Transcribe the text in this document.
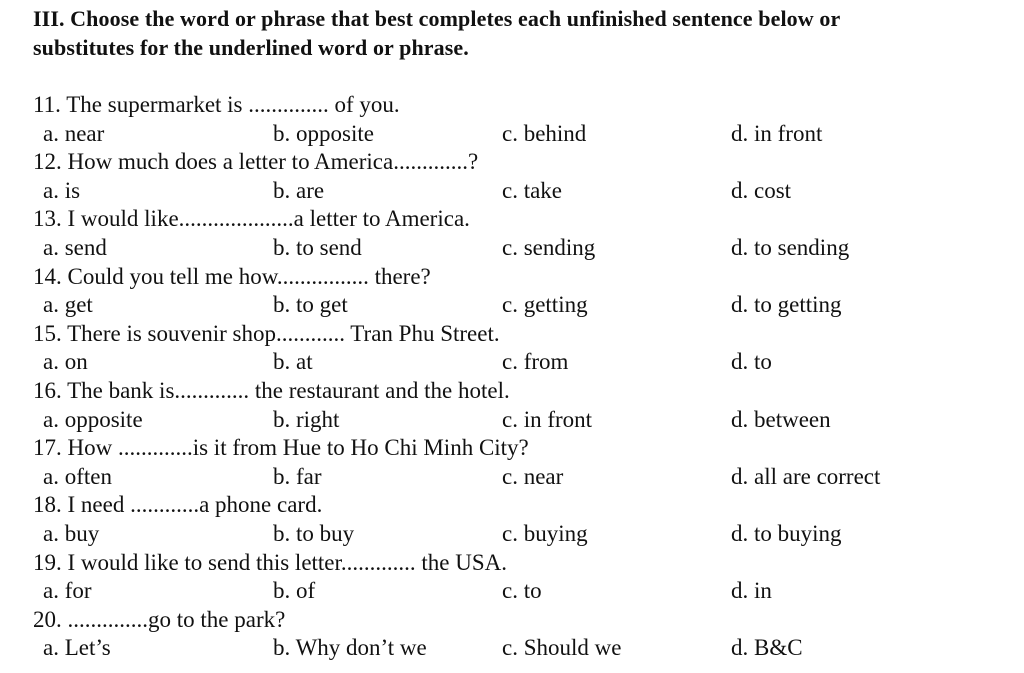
III. Choose the word or phrase that best completes each unfinished sentence below or
substitutes for the underlined word or phrase.
11. The supermarket is .............. of you.
a. near	b. opposite	c. behind	d. in front
12. How much does a letter to America.............?
a. is	b. are	c. take	d. cost
13. I would like....................a letter to America.
a. send	b. to send	c. sending	d. to sending
14. Could you tell me how................ there?
a. get	b. to get	c. getting	d. to getting
15. There is souvenir shop............ Tran Phu Street.
a. on	b. at	c. from	d. to
16. The bank is............. the restaurant and the hotel.
a. opposite	b. right	c. in front	d. between
17. How .............is it from Hue to Ho Chi Minh City?
a. often	b. far	c. near	d. all are correct
18. I need ............a phone card.
a. buy	b. to buy	c. buying	d. to buying
19. I would like to send this letter............. the USA.
a. for	b. of	c. to	d. in
20. ..............go to the park?
a. Let’s	b. Why don’t we	c. Should we	d. B&C
